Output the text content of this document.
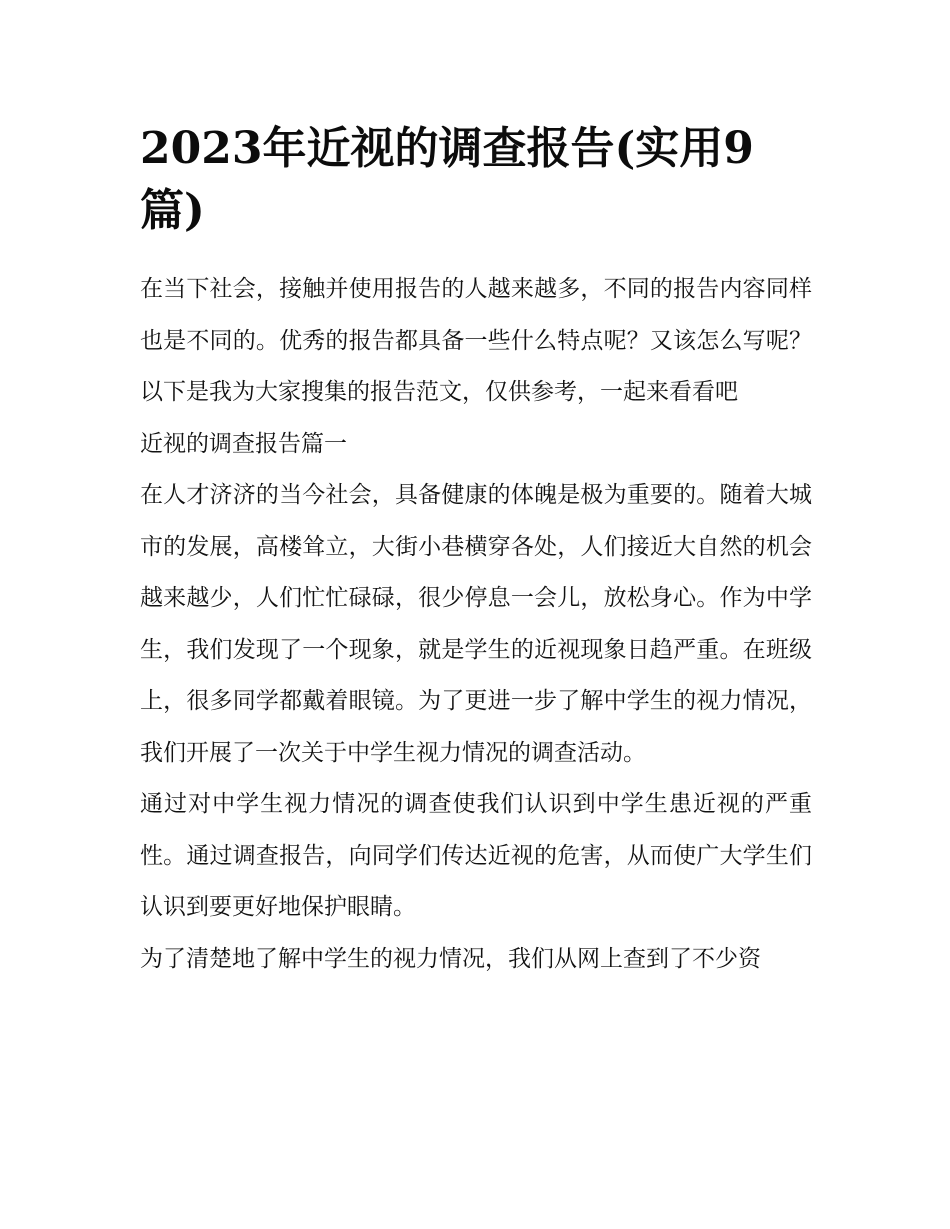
2023年近视的调查报告(实用9篇)

在当下社会，接触并使用报告的人越来越多，不同的报告内容同样也是不同的。优秀的报告都具备一些什么特点呢？又该怎么写呢？以下是我为大家搜集的报告范文，仅供参考，一起来看看吧

近视的调查报告篇一

在人才济济的当今社会，具备健康的体魄是极为重要的。随着大城市的发展，高楼耸立，大街小巷横穿各处，人们接近大自然的机会越来越少，人们忙忙碌碌，很少停息一会儿，放松身心。作为中学生，我们发现了一个现象，就是学生的近视现象日趋严重。在班级上，很多同学都戴着眼镜。为了更进一步了解中学生的视力情况，我们开展了一次关于中学生视力情况的调查活动。

通过对中学生视力情况的调查使我们认识到中学生患近视的严重性。通过调查报告，向同学们传达近视的危害，从而使广大学生们认识到要更好地保护眼睛。

为了清楚地了解中学生的视力情况，我们从网上查到了不少资
